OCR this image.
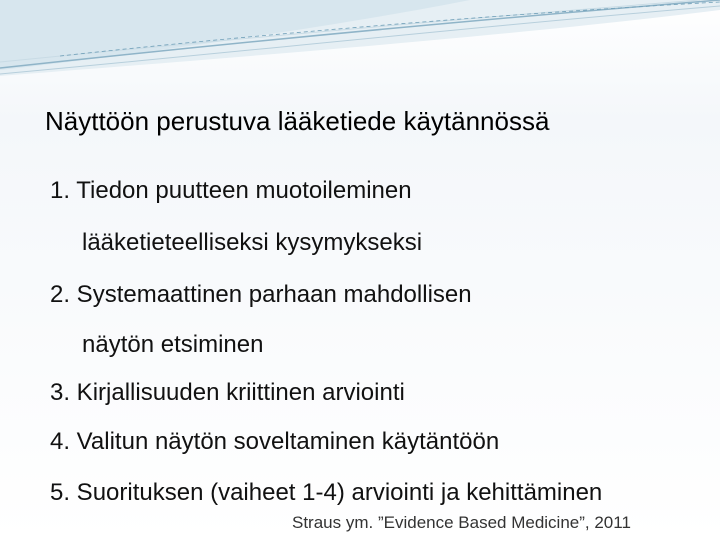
Näyttöön perustuva lääketiede käytännössä
1. Tiedon puutteen muotoileminen
lääketieteelliseksi kysymykseksi
2. Systemaattinen parhaan mahdollisen
näytön etsiminen
3. Kirjallisuuden kriittinen arviointi
4. Valitun näytön soveltaminen käytäntöön
5. Suorituksen (vaiheet 1-4) arviointi ja kehittäminen
Straus ym. ”Evidence Based Medicine”, 2011
